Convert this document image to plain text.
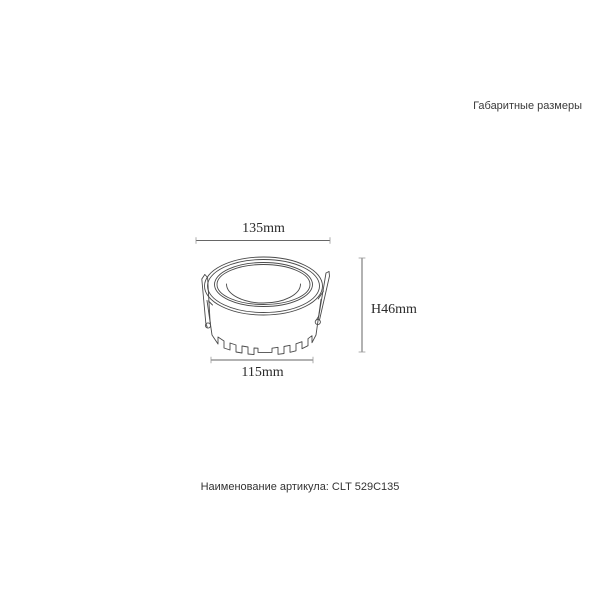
Габаритные размеры
135mm
H46mm
115mm
Наименование артикула: CLT 529C135
